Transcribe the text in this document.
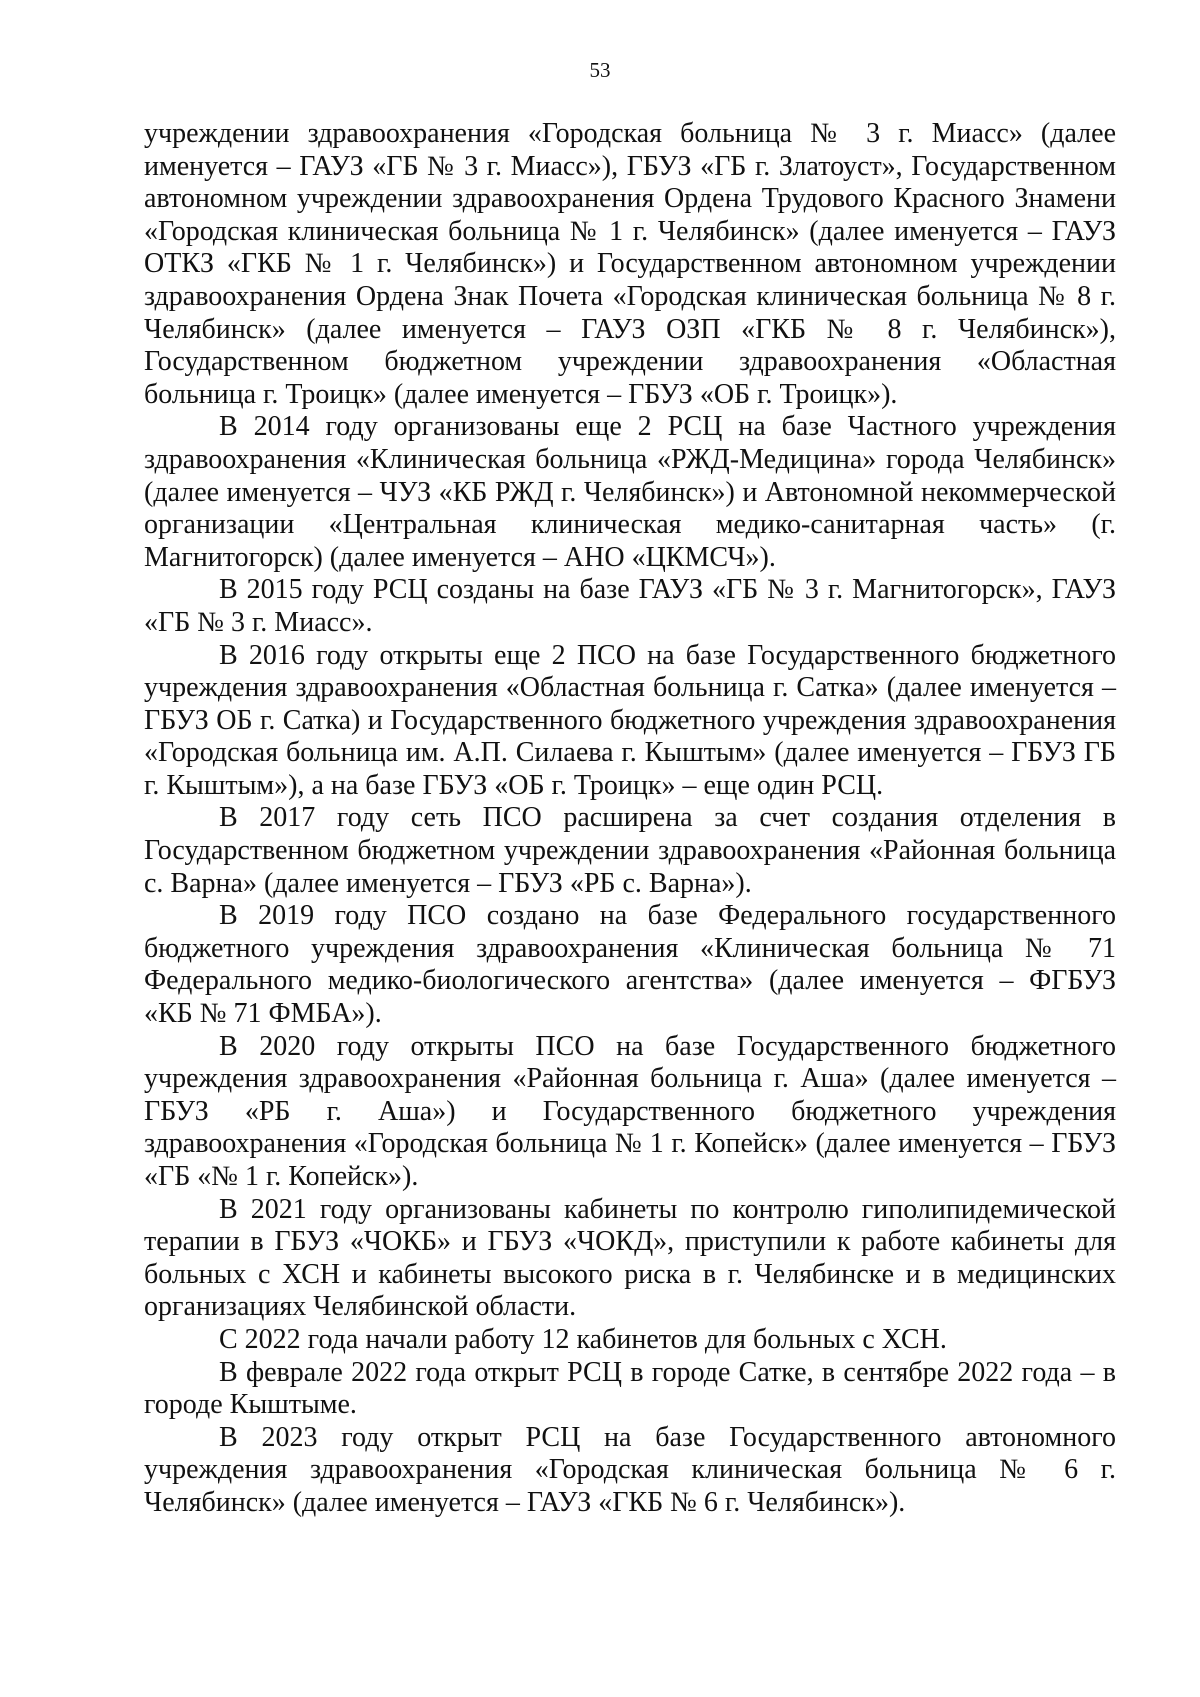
53

учреждении здравоохранения «Городская больница № 3 г. Миасс» (далее именуется – ГАУЗ «ГБ № 3 г. Миасс»), ГБУЗ «ГБ г. Златоуст», Государственном автономном учреждении здравоохранения Ордена Трудового Красного Знамени «Городская клиническая больница № 1 г. Челябинск» (далее именуется – ГАУЗ ОТКЗ «ГКБ № 1 г. Челябинск») и Государственном автономном учреждении здравоохранения Ордена Знак Почета «Городская клиническая больница № 8 г. Челябинск» (далее именуется – ГАУЗ ОЗП «ГКБ № 8 г. Челябинск»), Государственном бюджетном учреждении здравоохранения «Областная больница г. Троицк» (далее именуется – ГБУЗ «ОБ г. Троицк»).

В 2014 году организованы еще 2 РСЦ на базе Частного учреждения здравоохранения «Клиническая больница «РЖД-Медицина» города Челябинск» (далее именуется – ЧУЗ «КБ РЖД г. Челябинск») и Автономной некоммерческой организации «Центральная клиническая медико-санитарная часть» (г. Магнитогорск) (далее именуется – АНО «ЦКМСЧ»).

В 2015 году РСЦ созданы на базе ГАУЗ «ГБ № 3 г. Магнитогорск», ГАУЗ «ГБ № 3 г. Миасс».

В 2016 году открыты еще 2 ПСО на базе Государственного бюджетного учреждения здравоохранения «Областная больница г. Сатка» (далее именуется – ГБУЗ ОБ г. Сатка) и Государственного бюджетного учреждения здравоохранения «Городская больница им. А.П. Силаева г. Кыштым» (далее именуется – ГБУЗ ГБ г. Кыштым»), а на базе ГБУЗ «ОБ г. Троицк» – еще один РСЦ.

В 2017 году сеть ПСО расширена за счет создания отделения в Государственном бюджетном учреждении здравоохранения «Районная больница с. Варна» (далее именуется – ГБУЗ «РБ с. Варна»).

В 2019 году ПСО создано на базе Федерального государственного бюджетного учреждения здравоохранения «Клиническая больница № 71 Федерального медико-биологического агентства» (далее именуется – ФГБУЗ «КБ № 71 ФМБА»).

В 2020 году открыты ПСО на базе Государственного бюджетного учреждения здравоохранения «Районная больница г. Аша» (далее именуется – ГБУЗ «РБ г. Аша») и Государственного бюджетного учреждения здравоохранения «Городская больница № 1 г. Копейск» (далее именуется – ГБУЗ «ГБ «№ 1 г. Копейск»).

В 2021 году организованы кабинеты по контролю гиполипидемической терапии в ГБУЗ «ЧОКБ» и ГБУЗ «ЧОКД», приступили к работе кабинеты для больных с ХСН и кабинеты высокого риска в г. Челябинске и в медицинских организациях Челябинской области.

С 2022 года начали работу 12 кабинетов для больных с ХСН.

В феврале 2022 года открыт РСЦ в городе Сатке, в сентябре 2022 года – в городе Кыштыме.

В 2023 году открыт РСЦ на базе Государственного автономного учреждения здравоохранения «Городская клиническая больница № 6 г. Челябинск» (далее именуется – ГАУЗ «ГКБ № 6 г. Челябинск»).
